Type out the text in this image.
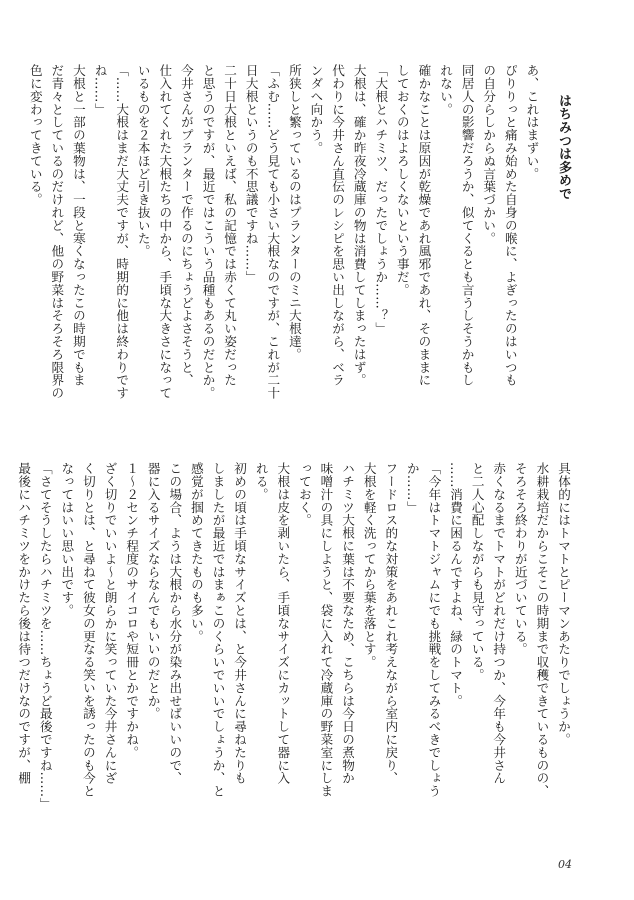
はちみつは多めで
あ、これはまずい。
ぴりりっと痛み始めた自身の喉に、よぎったのはいつも
の自分らしからぬ言葉づかい。
同居人の影響だろうか、似てくるとも言うしそうかもし
れない。
確かなことは原因が乾燥であれ風邪であれ、そのままに
しておくのはよろしくないという事だ。
「大根とハチミツ、だったでしょうか……？」
大根は、確か昨夜冷蔵庫の物は消費してしまったはず。
代わりに今井さん直伝のレシピを思い出しながら、ベラ
ンダへ向かう。
所狭しと繁っているのはプランターのミニ大根達。
「ふむ……どう見ても小さい大根なのですが、これが二十
日大根というのも不思議ですね……」
二十日大根といえば、私の記憶では赤くて丸い姿だった
と思うのですが、最近ではこういう品種もあるのだとか。
今井さんがプランターで作るのにちょうどよさそうと、
仕入れてくれた大根たちの中から、手頃な大きさになって
いるものを２本ほど引き抜いた。
「……大根はまだ大丈夫ですが、時期的に他は終わりです
ね……」
大根と一部の葉物は、一段と寒くなったこの時期でもま
だ青々としているのだけれど、他の野菜はそろそろ限界の
色に変わってきている。
具体的にはトマトとピーマンあたりでしょうか。
水耕栽培だからこそこの時期まで収穫できているものの、
そろそろ終わりが近づいている。
赤くなるまでトマトがどれだけ持つか、今年も今井さん
と二人心配しながらも見守っている。
……消費に困るんですよね、緑のトマト。
「今年はトマトジャムにでも挑戦をしてみるべきでしょう
か……」
フードロス的な対策をあれこれ考えながら室内に戻り、
大根を軽く洗ってから葉を落とす。
ハチミツ大根に葉は不要なため、こちらは今日の煮物か
味噌汁の具にしようと、袋に入れて冷蔵庫の野菜室にしま
っておく。
大根は皮を剥いたら、手頃なサイズにカットして器に入
れる。
初めの頃は手頃なサイズとは、と今井さんに尋ねたりも
しましたが最近ではまぁこのくらいでいいでしょうか、と
感覚が掴めてきたものも多い。
この場合、ようは大根から水分が染み出せばいいので、
器に入るサイズならなんでもいいのだとか。
１〜２センチ程度のサイコロや短冊とかですかね。
ざく切りでいいよ〜と朗らかに笑っていた今井さんにざ
く切りとは、と尋ねて彼女の更なる笑いを誘ったのも今と
なってはいい思い出です。
「さてそうしたらハチミツを……ちょうど最後ですね……」
最後にハチミツをかけたら後は待つだけなのですが、棚
04
